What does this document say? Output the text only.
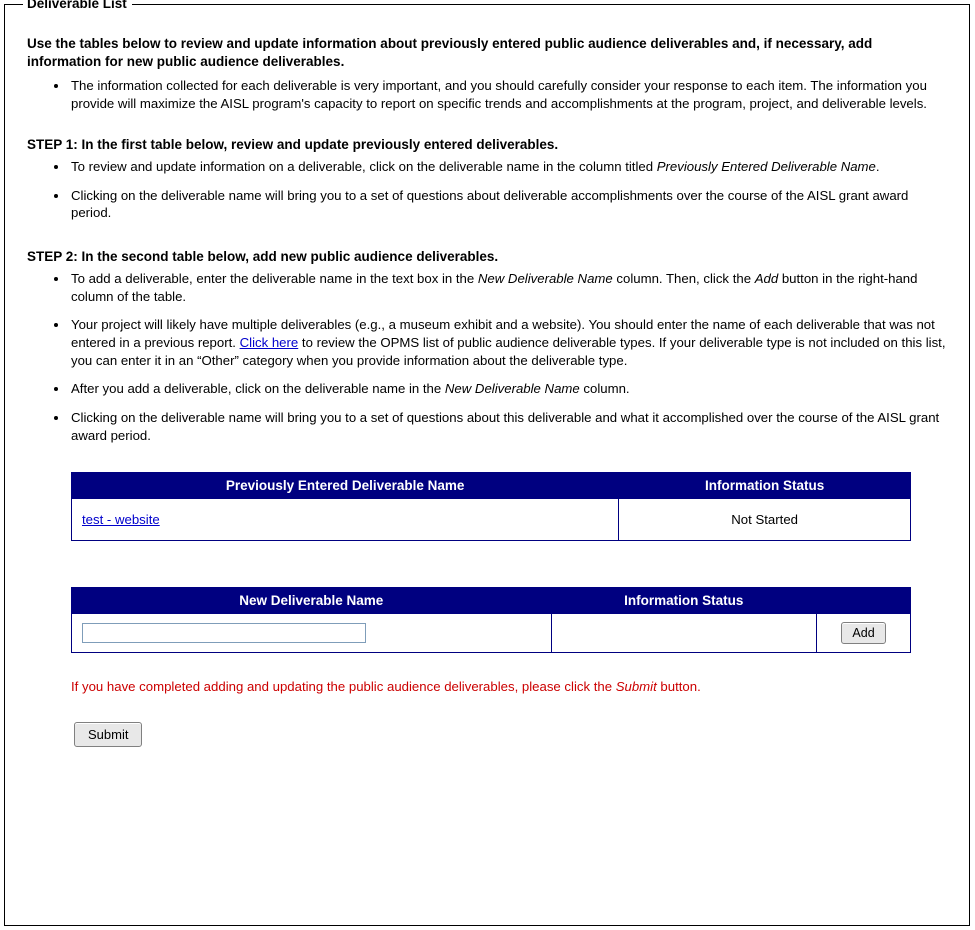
Deliverable List

Use the tables below to review and update information about previously entered public audience deliverables and, if necessary, add information for new public audience deliverables.

• The information collected for each deliverable is very important, and you should carefully consider your response to each item. The information you provide will maximize the AISL program's capacity to report on specific trends and accomplishments at the program, project, and deliverable levels.

STEP 1: In the first table below, review and update previously entered deliverables.

• To review and update information on a deliverable, click on the deliverable name in the column titled Previously Entered Deliverable Name.
• Clicking on the deliverable name will bring you to a set of questions about deliverable accomplishments over the course of the AISL grant award period.

STEP 2: In the second table below, add new public audience deliverables.

• To add a deliverable, enter the deliverable name in the text box in the New Deliverable Name column. Then, click the Add button in the right-hand column of the table.
• Your project will likely have multiple deliverables (e.g., a museum exhibit and a website). You should enter the name of each deliverable that was not entered in a previous report. Click here to review the OPMS list of public audience deliverable types. If your deliverable type is not included on this list, you can enter it in an “Other” category when you provide information about the deliverable type.
• After you add a deliverable, click on the deliverable name in the New Deliverable Name column.
• Clicking on the deliverable name will bring you to a set of questions about this deliverable and what it accomplished over the course of the AISL grant award period.
Previously Entered Deliverable Name	Information Status
test - website	Not Started
New Deliverable Name	Information Status	
		Add

If you have completed adding and updating the public audience deliverables, please click the Submit button.

Submit
